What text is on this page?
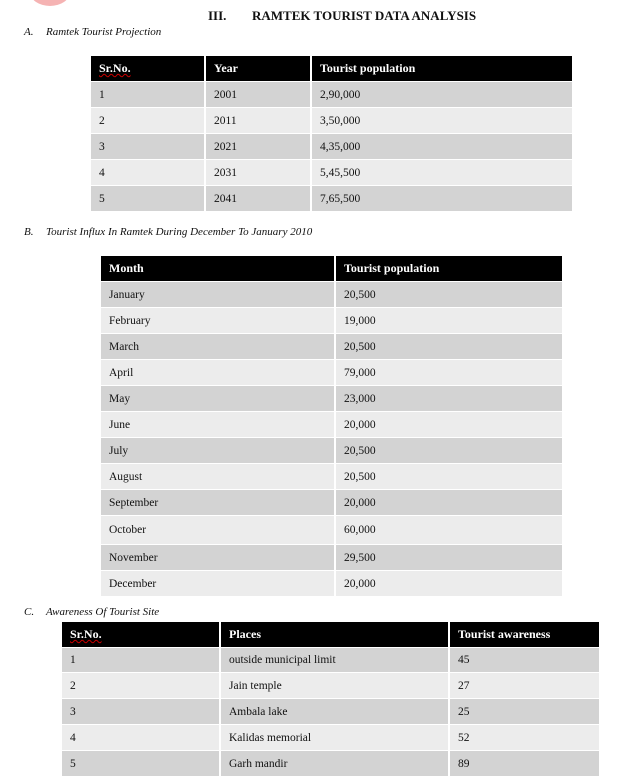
III. RAMTEK TOURIST DATA ANALYSIS
A. Ramtek Tourist Projection
Sr.No.	Year	Tourist population
1	2001	2,90,000
2	2011	3,50,000
3	2021	4,35,000
4	2031	5,45,500
5	2041	7,65,500
B. Tourist Influx In Ramtek During December To January 2010
Month	Tourist population
January	20,500
February	19,000
March	20,500
April	79,000
May	23,000
June	20,000
July	20,500
August	20,500
September	20,000
October	60,000
November	29,500
December	20,000
C. Awareness Of Tourist Site
Sr.No.	Places	Tourist awareness
1	outside municipal limit	45
2	Jain temple	27
3	Ambala lake	25
4	Kalidas memorial	52
5	Garh mandir	89
